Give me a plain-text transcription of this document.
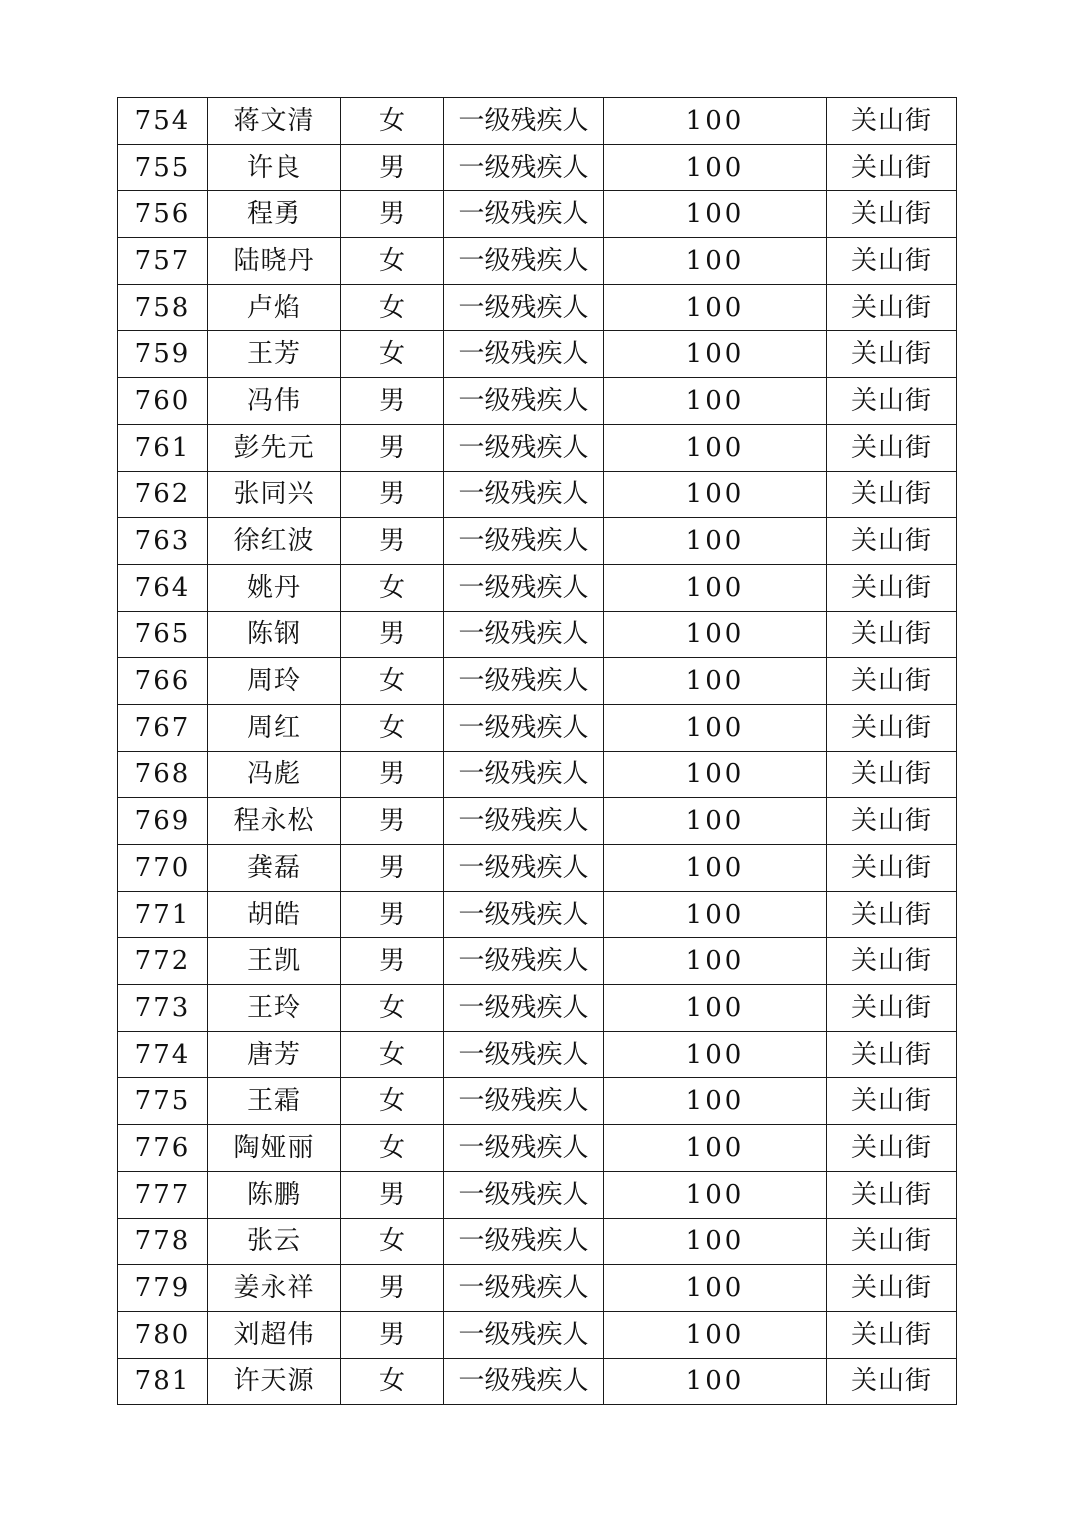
754	蒋文清	女	一级残疾人	100	关山街
755	许良	男	一级残疾人	100	关山街
756	程勇	男	一级残疾人	100	关山街
757	陆晓丹	女	一级残疾人	100	关山街
758	卢焰	女	一级残疾人	100	关山街
759	王芳	女	一级残疾人	100	关山街
760	冯伟	男	一级残疾人	100	关山街
761	彭先元	男	一级残疾人	100	关山街
762	张同兴	男	一级残疾人	100	关山街
763	徐红波	男	一级残疾人	100	关山街
764	姚丹	女	一级残疾人	100	关山街
765	陈钢	男	一级残疾人	100	关山街
766	周玲	女	一级残疾人	100	关山街
767	周红	女	一级残疾人	100	关山街
768	冯彪	男	一级残疾人	100	关山街
769	程永松	男	一级残疾人	100	关山街
770	龚磊	男	一级残疾人	100	关山街
771	胡皓	男	一级残疾人	100	关山街
772	王凯	男	一级残疾人	100	关山街
773	王玲	女	一级残疾人	100	关山街
774	唐芳	女	一级残疾人	100	关山街
775	王霜	女	一级残疾人	100	关山街
776	陶娅丽	女	一级残疾人	100	关山街
777	陈鹏	男	一级残疾人	100	关山街
778	张云	女	一级残疾人	100	关山街
779	姜永祥	男	一级残疾人	100	关山街
780	刘超伟	男	一级残疾人	100	关山街
781	许天源	女	一级残疾人	100	关山街
